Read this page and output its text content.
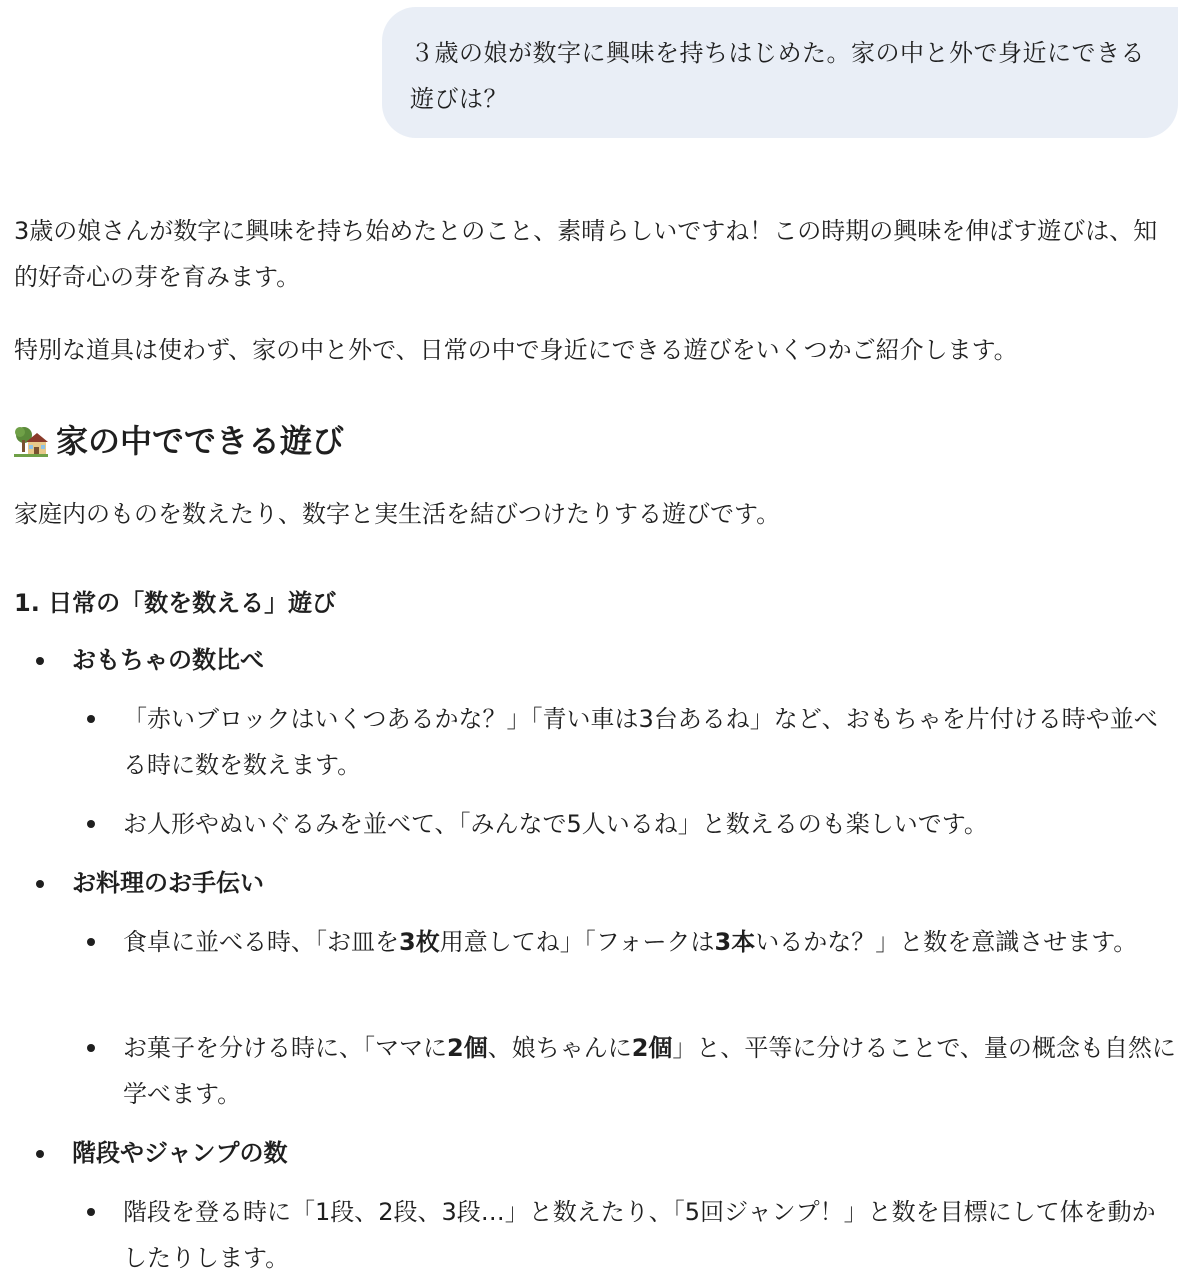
３歳の娘が数字に興味を持ちはじめた。家の中と外で身近にできる遊びは？

3歳の娘さんが数字に興味を持ち始めたとのこと、素晴らしいですね！この時期の興味を伸ばす遊びは、知的好奇心の芽を育みます。

特別な道具は使わず、家の中と外で、日常の中で身近にできる遊びをいくつかご紹介します。

家の中でできる遊び

家庭内のものを数えたり、数字と実生活を結びつけたりする遊びです。

1. 日常の「数を数える」遊び
おもちゃの数比べ
「赤いブロックはいくつあるかな？」「青い車は3台あるね」など、おもちゃを片付ける時や並べる時に数を数えます。
お人形やぬいぐるみを並べて、「みんなで5人いるね」と数えるのも楽しいです。
お料理のお手伝い
食卓に並べる時、「お皿を3枚用意してね」「フォークは3本いるかな？」と数を意識させます。
お菓子を分ける時に、「ママに2個、娘ちゃんに2個」と、平等に分けることで、量の概念も自然に学べます。
階段やジャンプの数
階段を登る時に「1段、2段、3段…」と数えたり、「5回ジャンプ！」と数を目標にして体を動かしたりします。
